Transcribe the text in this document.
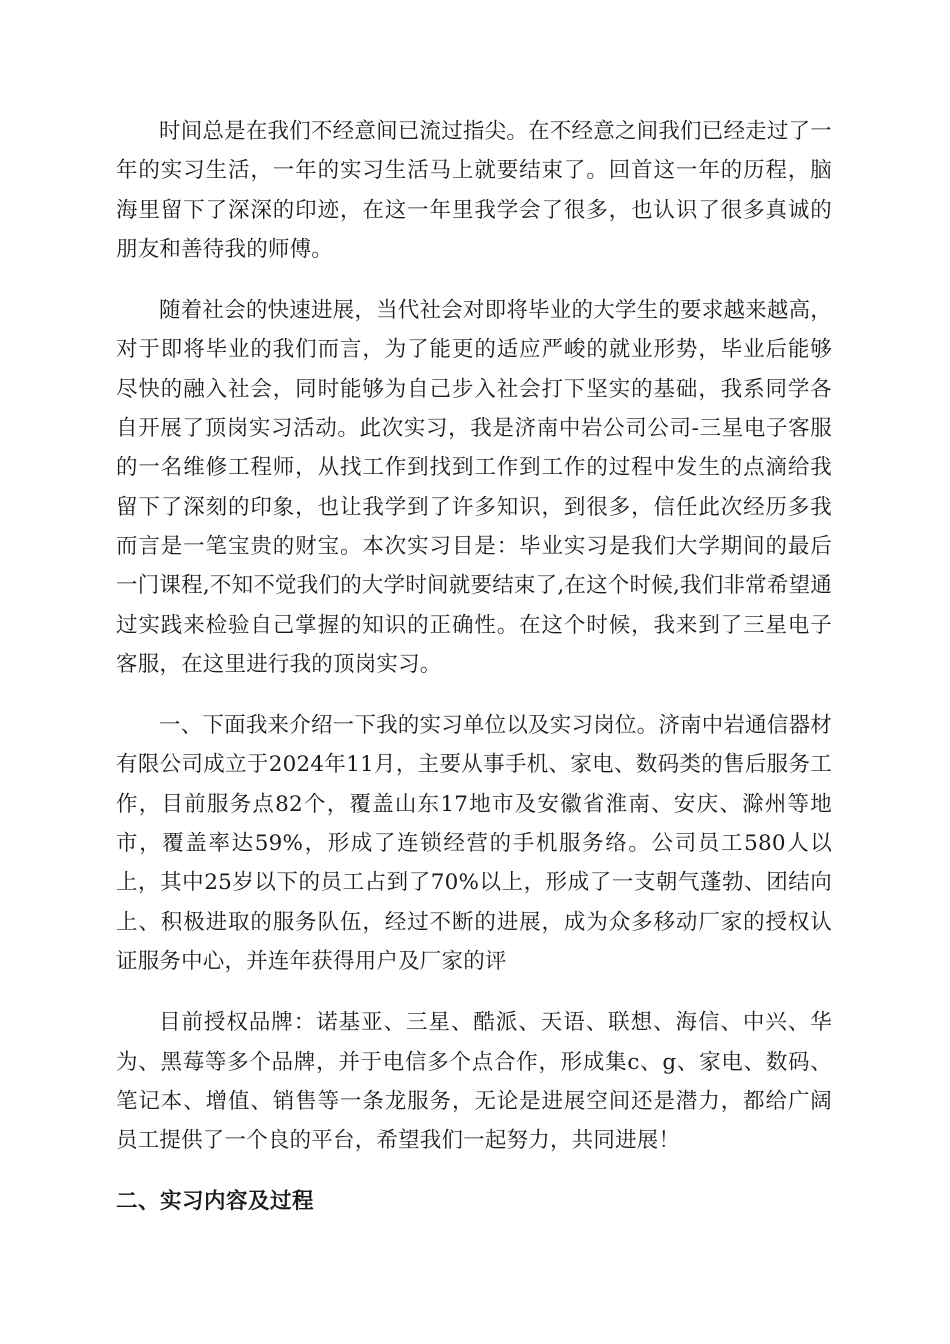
时间总是在我们不经意间已流过指尖。在不经意之间我们已经走过了一年的实习生活，一年的实习生活马上就要结束了。回首这一年的历程，脑海里留下了深深的印迹，在这一年里我学会了很多，也认识了很多真诚的朋友和善待我的师傅。

随着社会的快速进展，当代社会对即将毕业的大学生的要求越来越高，对于即将毕业的我们而言，为了能更的适应严峻的就业形势，毕业后能够尽快的融入社会，同时能够为自己步入社会打下坚实的基础，我系同学各自开展了顶岗实习活动。此次实习，我是济南中岩公司公司-三星电子客服的一名维修工程师，从找工作到找到工作到工作的过程中发生的点滴给我留下了深刻的印象，也让我学到了许多知识，到很多，信任此次经历多我而言是一笔宝贵的财宝。本次实习目是：毕业实习是我们大学期间的最后一门课程,不知不觉我们的大学时间就要结束了,在这个时候,我们非常希望通过实践来检验自己掌握的知识的正确性。在这个时候，我来到了三星电子客服，在这里进行我的顶岗实习。

一、下面我来介绍一下我的实习单位以及实习岗位。济南中岩通信器材有限公司成立于2024年11月，主要从事手机、家电、数码类的售后服务工作，目前服务点82个，覆盖山东17地市及安徽省淮南、安庆、滁州等地市，覆盖率达59%，形成了连锁经营的手机服务络。公司员工580人以上，其中25岁以下的员工占到了70%以上，形成了一支朝气蓬勃、团结向上、积极进取的服务队伍，经过不断的进展，成为众多移动厂家的授权认证服务中心，并连年获得用户及厂家的评

目前授权品牌：诺基亚、三星、酷派、天语、联想、海信、中兴、华为、黑莓等多个品牌，并于电信多个点合作，形成集c、g、家电、数码、笔记本、增值、销售等一条龙服务，无论是进展空间还是潜力，都给广阔员工提供了一个良的平台，希望我们一起努力，共同进展！

二、实习内容及过程
